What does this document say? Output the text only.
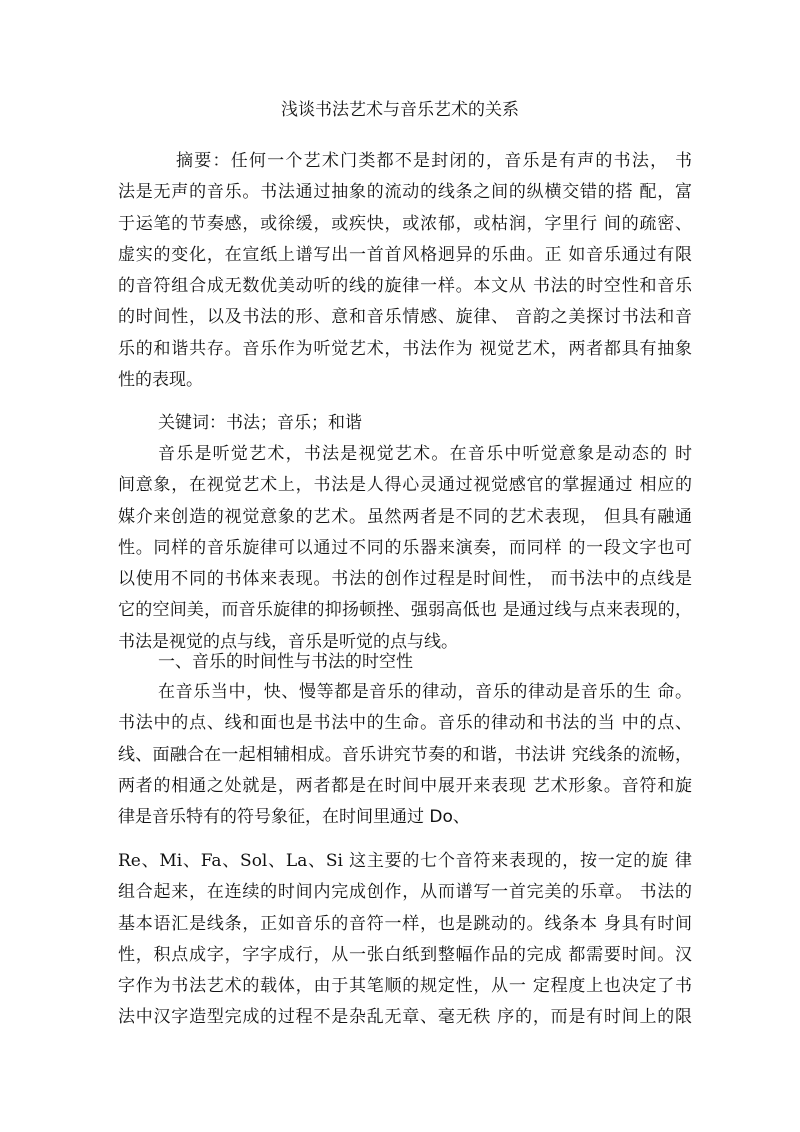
浅谈书法艺术与音乐艺术的关系
摘要：任何一个艺术门类都不是封闭的，音乐是有声的书法， 书
法是无声的音乐。书法通过抽象的流动的线条之间的纵横交错的搭 配，富
于运笔的节奏感，或徐缓，或疾快，或浓郁，或枯润，字里行 间的疏密、
虚实的变化，在宣纸上谱写出一首首风格迥异的乐曲。正 如音乐通过有限
的音符组合成无数优美动听的线的旋律一样。本文从 书法的时空性和音乐
的时间性，以及书法的形、意和音乐情感、旋律、 音韵之美探讨书法和音
乐的和谐共存。音乐作为听觉艺术，书法作为 视觉艺术，两者都具有抽象
性的表现。
关键词：书法；音乐；和谐
音乐是听觉艺术，书法是视觉艺术。在音乐中听觉意象是动态的 时
间意象，在视觉艺术上，书法是人得心灵通过视觉感官的掌握通过 相应的
媒介来创造的视觉意象的艺术。虽然两者是不同的艺术表现， 但具有融通
性。同样的音乐旋律可以通过不同的乐器来演奏，而同样 的一段文字也可
以使用不同的书体来表现。书法的创作过程是时间性， 而书法中的点线是
它的空间美，而音乐旋律的抑扬顿挫、强弱高低也 是通过线与点来表现的，
书法是视觉的点与线，音乐是听觉的点与线。
一、音乐的时间性与书法的时空性
在音乐当中，快、慢等都是音乐的律动，音乐的律动是音乐的生 命。
书法中的点、线和面也是书法中的生命。音乐的律动和书法的当 中的点、
线、面融合在一起相辅相成。音乐讲究节奏的和谐，书法讲 究线条的流畅，
两者的相通之处就是，两者都是在时间中展开来表现 艺术形象。音符和旋
律是音乐特有的符号象征，在时间里通过 Do、
Re、Mi、Fa、Sol、La、Si 这主要的七个音符来表现的，按一定的旋 律
组合起来，在连续的时间内完成创作，从而谱写一首完美的乐章。 书法的
基本语汇是线条，正如音乐的音符一样，也是跳动的。线条本 身具有时间
性，积点成字，字字成行，从一张白纸到整幅作品的完成 都需要时间。汉
字作为书法艺术的载体，由于其笔顺的规定性，从一 定程度上也决定了书
法中汉字造型完成的过程不是杂乱无章、毫无秩 序的，而是有时间上的限
